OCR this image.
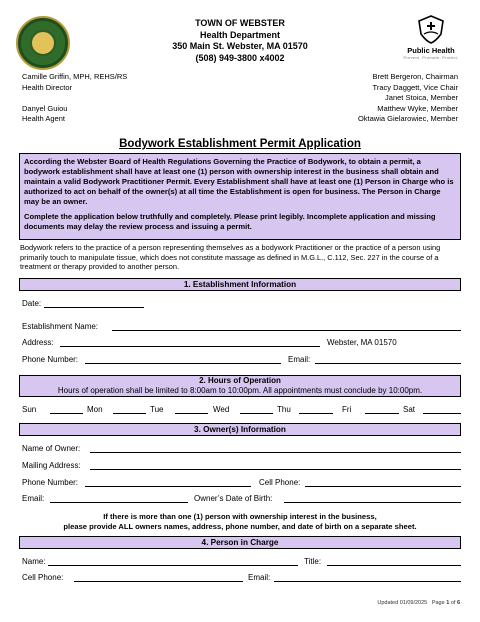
TOWN OF WEBSTER
Health Department
350 Main St. Webster, MA 01570
(508) 949-3800 x4002
Public Health
Prevent. Promote. Protect.
Camille Griffin, MPH, REHS/RS
Health Director
Danyel Guiou
Health Agent
Brett Bergeron, Chairman
Tracy Daggett, Vice Chair
Janet Stoica, Member
Matthew Wyke, Member
Oktawia Gielarowiec, Member
Bodywork Establishment Permit Application

According the Webster Board of Health Regulations Governing the Practice of Bodywork, to obtain a permit, a bodywork establishment shall have at least one (1) person with ownership interest in the business shall obtain and maintain a valid Bodywork Practitioner Permit. Every Establishment shall have at least one (1) Person in Charge who is authorized to act on behalf of the owner(s) at all time the Establishment is open for business. The Person in Charge may be an owner.

Complete the application below truthfully and completely. Please print legibly. Incomplete application and missing documents may delay the review process and issuing a permit.

Bodywork refers to the practice of a person representing themselves as a bodywork Practitioner or the practice of a person using primarily touch to manipulate tissue, which does not constitute massage as defined in M.G.L., C.112, Sec. 227 in the course of a treatment or therapy provided to another person.
1. Establishment Information
Date:
Establishment Name:
Address:	Webster, MA 01570
Phone Number:	Email:
2. Hours of Operation
Hours of operation shall be limited to 8:00am to 10:00pm. All appointments must conclude by 10:00pm.
Sun	Mon	Tue	Wed	Thu	Fri	Sat
3. Owner(s) Information
Name of Owner:
Mailing Address:
Phone Number:	Cell Phone:
Email:	Owner’s Date of Birth:
If there is more than one (1) person with ownership interest in the business,
please provide ALL owners names, address, phone number, and date of birth on a separate sheet.
4. Person in Charge
Name:	Title:
Cell Phone:	Email:
Updated 01/09/2025 Page 1 of 6
